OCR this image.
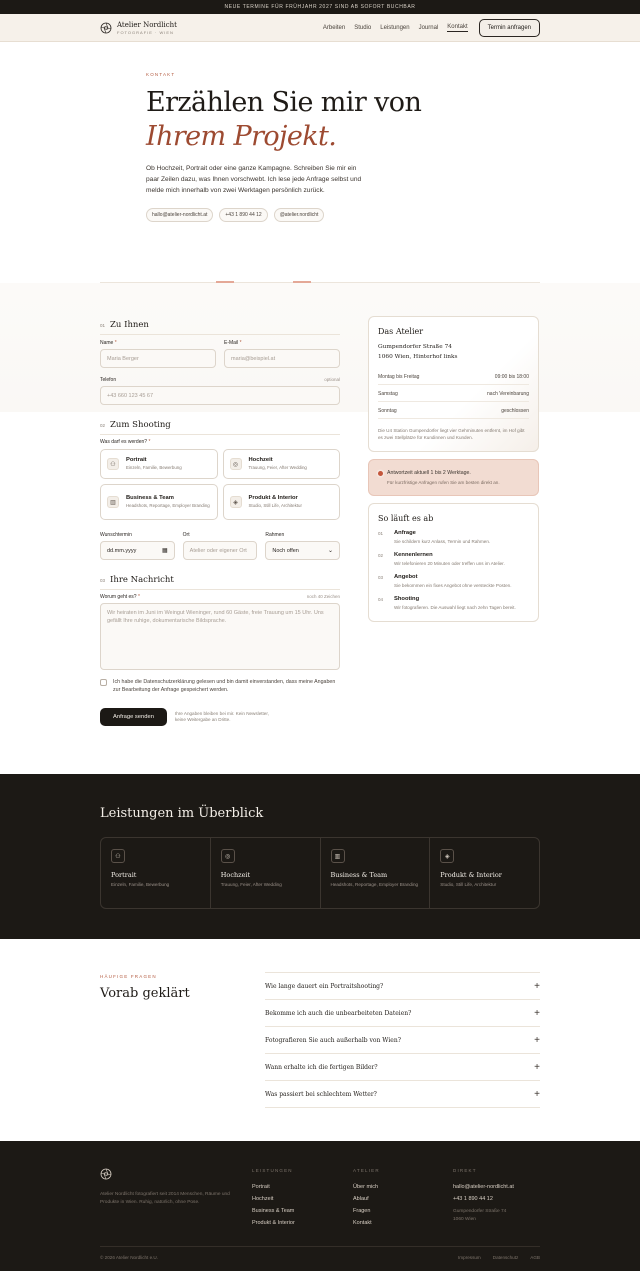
NEUE TERMINE FÜR FRÜHJAHR 2027 SIND AB SOFORT BUCHBAR
Atelier Nordlicht
FOTOGRAFIE · WIEN
Arbeiten Studio Leistungen Journal Kontakt	Termin anfragen
KONTAKT
Erzählen Sie mir von
Ihrem Projekt.

Ob Hochzeit, Portrait oder eine ganze Kampagne. Schreiben Sie mir ein paar Zeilen dazu, was Ihnen vorschwebt. Ich lese jede Anfrage selbst und melde mich innerhalb von zwei Werktagen persönlich zurück.

hallo@atelier-nordlicht.at	+43 1 890 44 12	@atelier.nordlicht
01 Zu Ihnen
Name *
Maria Berger
E-Mail *
maria@beispiel.at
Telefon	optional
+43 660 123 45 67
02 Zum Shooting
Was darf es werden? *
⚇
Portrait
Einzeln, Familie, Bewerbung	◎
Hochzeit
Trauung, Feier, After Wedding
▥
Business & Team
Headshots, Reportage, Employer Branding	◈
Produkt & Interior
Studio, Still Life, Architektur
Wunschtermin
dd.mm.yyyy	▦
Ort
Atelier oder eigener Ort
Rahmen
Noch offen	⌄
03 Ihre Nachricht
Worum geht es? *	noch 40 Zeichen
Wir heiraten im Juni im Weingut Wieninger, rund 60 Gäste, freie Trauung um 15 Uhr. Uns gefällt Ihre ruhige, dokumentarische Bildsprache.
Ich habe die Datenschutzerklärung gelesen und bin damit einverstanden, dass meine Angaben zur Bearbeitung der Anfrage gespeichert werden.
Anfrage senden
Ihre Angaben bleiben bei mir. Kein Newsletter, keine Weitergabe an Dritte.
Das Atelier
Gumpendorfer Straße 74
1060 Wien, Hinterhof links
Montag bis Freitag	09:00 bis 18:00
Samstag	nach Vereinbarung
Sonntag	geschlossen
Die U4 Station Gumpendorfer liegt vier Gehminuten entfernt, im Hof gibt es zwei Stellplätze für Kundinnen und Kunden.
Antwortzeit aktuell 1 bis 2 Werktage.
Für kurzfristige Anfragen rufen Sie am besten direkt an.
So läuft es ab
01	Anfrage
Sie schildern kurz Anlass, Termin und Rahmen.
02	Kennenlernen
Wir telefonieren 20 Minuten oder treffen uns im Atelier.
03	Angebot
Sie bekommen ein fixes Angebot ohne versteckte Posten.
04	Shooting
Wir fotografieren. Die Auswahl liegt nach zehn Tagen bereit.
Leistungen im Überblick
⚇
Portrait
Einzeln, Familie, Bewerbung
◎
Hochzeit
Trauung, Feier, After Wedding
▥
Business & Team
Headshots, Reportage, Employer Branding
◈
Produkt & Interior
Studio, Still Life, Architektur
HÄUFIGE FRAGEN
Vorab geklärt	Wie lange dauert ein Portraitshooting?	+
Bekomme ich auch die unbearbeiteten Dateien?	+
Fotografieren Sie auch außerhalb von Wien?	+
Wann erhalte ich die fertigen Bilder?	+
Was passiert bei schlechtem Wetter?	+
Atelier Nordlicht fotografiert seit 2014 Menschen, Räume und Produkte in Wien. Ruhig, natürlich, ohne Pose.
LEISTUNGEN
Portrait
Hochzeit
Business & Team
Produkt & Interior
ATELIER
Über mich
Ablauf
Fragen
Kontakt
DIREKT
hallo@atelier-nordlicht.at
+43 1 890 44 12
Gumpendorfer Straße 74
1060 Wien
© 2026 Atelier Nordlicht e.U.	Impressum	Datenschutz	AGB
